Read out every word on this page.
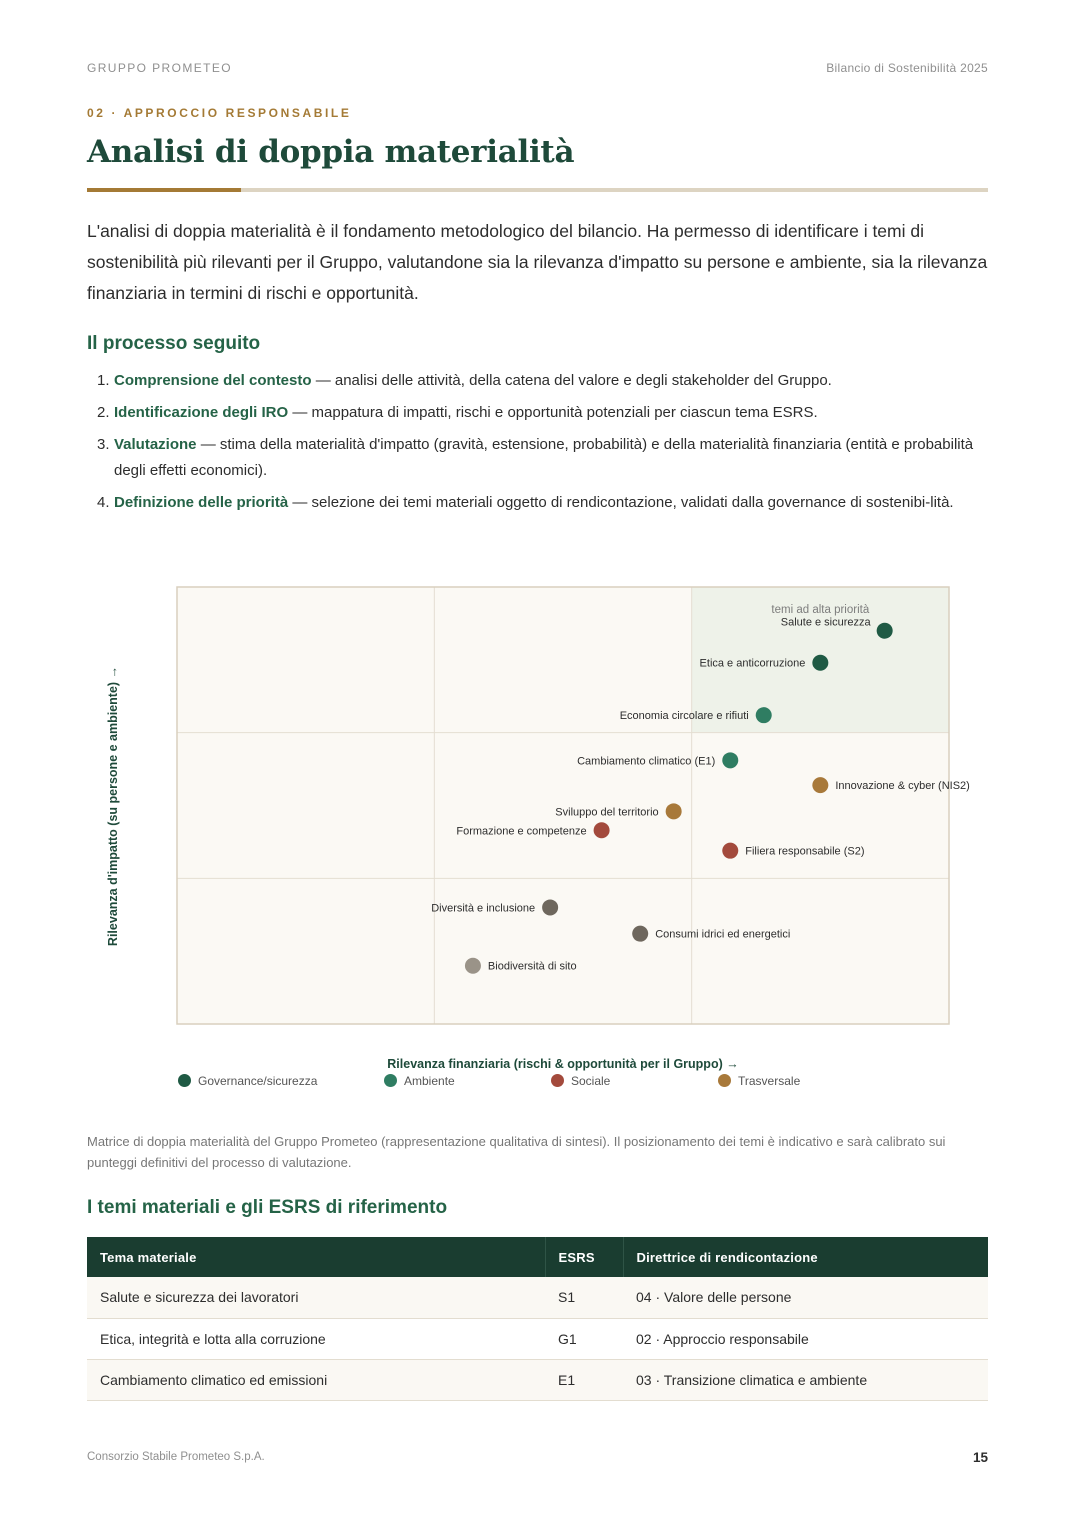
GRUPPO PROMETEO	Bilancio di Sostenibilità 2025
02 · APPROCCIO RESPONSABILE
Analisi di doppia materialità

L'analisi di doppia materialità è il fondamento metodologico del bilancio. Ha permesso di identificare i temi di sostenibilità più rilevanti per il Gruppo, valutandone sia la rilevanza d'impatto su persone e ambiente, sia la rilevanza finanziaria in termini di rischi e opportunità.

Il processo seguito
1. Comprensione del contesto — analisi delle attività, della catena del valore e degli stakeholder del Gruppo.
2. Identificazione degli IRO — mappatura di impatti, rischi e opportunità potenziali per ciascun tema ESRS.
3. Valutazione — stima della materialità d'impatto (gravità, estensione, probabilità) e della materialità finanziaria (entità e probabilità degli effetti economici).
4. Definizione delle priorità — selezione dei temi materiali oggetto di rendicontazione, validati dalla governance di sostenibi-lità.
Rilevanza d'impatto (su persone e ambiente) →
temi ad alta priorità
Salute e sicurezza
Etica e anticorruzione
Economia circolare e rifiuti
Cambiamento climatico (E1)
Innovazione & cyber (NIS2)
Sviluppo del territorio
Formazione e competenze
Filiera responsabile (S2)
Diversità e inclusione
Consumi idrici ed energetici
Biodiversità di sito
Rilevanza finanziaria (rischi & opportunità per il Gruppo) →
Governance/sicurezza	Ambiente	Sociale	Trasversale

Matrice di doppia materialità del Gruppo Prometeo (rappresentazione qualitativa di sintesi). Il posizionamento dei temi è indicativo e sarà calibrato sui punteggi definitivi del processo di valutazione.

I temi materiali e gli ESRS di riferimento
Tema materiale	ESRS	Direttrice di rendicontazione
Salute e sicurezza dei lavoratori	S1	04 · Valore delle persone
Etica, integrità e lotta alla corruzione	G1	02 · Approccio responsabile
Cambiamento climatico ed emissioni	E1	03 · Transizione climatica e ambiente
Consorzio Stabile Prometeo S.p.A.	15
